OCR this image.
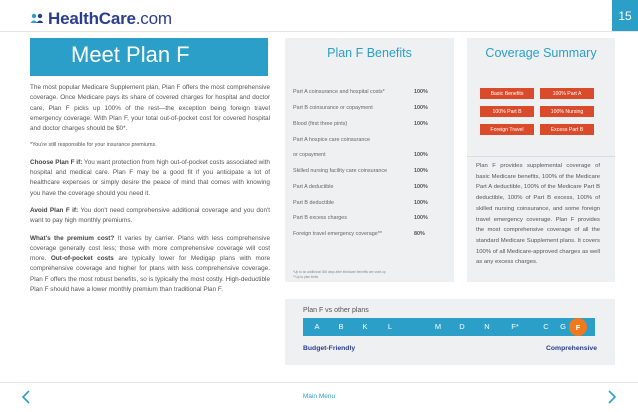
HealthCare.com	15
Meet Plan F

The most popular Medicare Supplement plan, Plan F offers the most comprehensive coverage. Once Medicare pays its share of covered charges for hospital and doctor care, Plan F picks up 100% of the rest—the exception being foreign travel emergency coverage. With Plan F, your total out-of-pocket cost for covered hospital and doctor charges should be $0*.

*You're still responsible for your insurance premiums.

Choose Plan F if: You want protection from high out-of-pocket costs associated with hospital and medical care. Plan F may be a good fit if you anticipate a lot of healthcare expenses or simply desire the peace of mind that comes with knowing you have the coverage should you need it.

Avoid Plan F if: You don't need comprehensive additional coverage and you don't want to pay high monthly premiums.

What's the premium cost? It varies by carrier. Plans with less comprehensive coverage generally cost less; those with more comprehensive coverage will cost more. Out-of-pocket costs are typically lower for Medigap plans with more comprehensive coverage and higher for plans with less comprehensive coverage. Plan F offers the most robust benefits, so is typically the most costly. High-deductible Plan F should have a lower monthly premium than traditional Plan F.

Plan F Benefits
Part A coinsurance and hospital costs*	100%
Part B coinsurance or copayment	100%
Blood (first three pints)	100%
Part A hospice care coinsurance
or copayment	100%
Skilled nursing facility care coinsurance	100%
Part A deductible	100%
Part B deductible	100%
Part B excess charges	100%
Foreign travel emergency coverage**	80%
*Up to an additional 365 days after Medicare benefits are used up
**Up to plan limits
Coverage Summary
Basic Benefits	100% Part A
100% Part B	100% Nursing
Foreign Travel	Excess Part B
Plan F provides supplemental coverage of basic Medicare benefits, 100% of the Medicare Part A deductible, 100% of the Medicare Part B deductible, 100% of Part B excess, 100% of skilled nursing coinsurance, and some foreign travel emergency coverage. Plan F provides the most comprehensive coverage of all the standard Medicare Supplement plans. It covers 100% of all Medicare-approved charges as well as any excess charges.
Plan F vs other plans
A	B	K	L	M	D	N	F*	C	G	F
Budget-Friendly	Comprehensive
Main Menu
